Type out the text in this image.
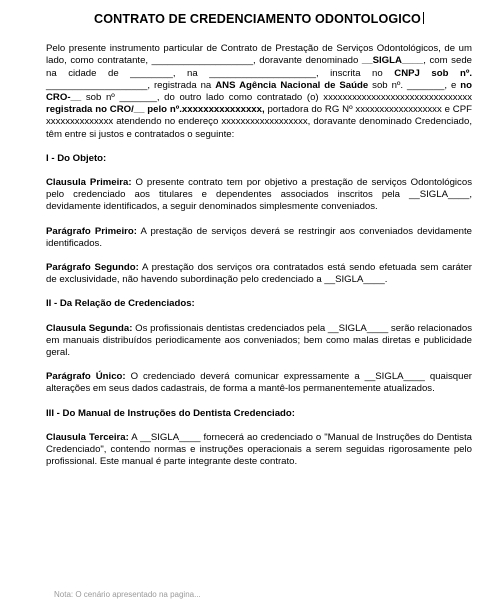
CONTRATO DE CREDENCIAMENTO ODONTOLOGICO

Pelo presente instrumento particular de Contrato de Prestação de Serviços Odontológicos, de um lado, como contratante, ___________________, doravante denominado __SIGLA____, com sede na cidade de ________, na ____________________, inscrita no CNPJ sob nº. ___________________, registrada na ANS Agência Nacional de Saúde sob nº. _______, e no CRO-__ sob nº _______, do outro lado como contratado (o) xxxxxxxxxxxxxxxxxxxxxxxxxxxxxxx registrada no CRO/__ pelo nº.xxxxxxxxxxxxxxx, portadora do RG Nº xxxxxxxxxxxxxxxxxx e CPF xxxxxxxxxxxxxx atendendo no endereço xxxxxxxxxxxxxxxxxx, doravante denominado Credenciado, têm entre si justos e contratados o seguinte:

I - Do Objeto:

Clausula Primeira: O presente contrato tem por objetivo a prestação de serviços Odontológicos pelo credenciado aos titulares e dependentes associados inscritos pela __SIGLA____, devidamente identificados, a seguir denominados simplesmente conveniados.

Parágrafo Primeiro: A prestação de serviços deverá se restringir aos conveniados devidamente identificados.

Parágrafo Segundo: A prestação dos serviços ora contratados está sendo efetuada sem caráter de exclusividade, não havendo subordinação pelo credenciado a __SIGLA____.

II - Da Relação de Credenciados:

Clausula Segunda: Os profissionais dentistas credenciados pela __SIGLA____ serão relacionados em manuais distribuídos periodicamente aos conveniados; bem como malas diretas e publicidade geral.

Parágrafo Único: O credenciado deverá comunicar expressamente a __SIGLA____ quaisquer alterações em seus dados cadastrais, de forma a mantê-los permanentemente atualizados.

III - Do Manual de Instruções do Dentista Credenciado:

Clausula Terceira: A __SIGLA____ fornecerá ao credenciado o "Manual de Instruções do Dentista Credenciado", contendo normas e instruções operacionais a serem seguidas rigorosamente pelo profissional. Este manual é parte integrante deste contrato.

Nota: O cenário apresentado na pagina...
